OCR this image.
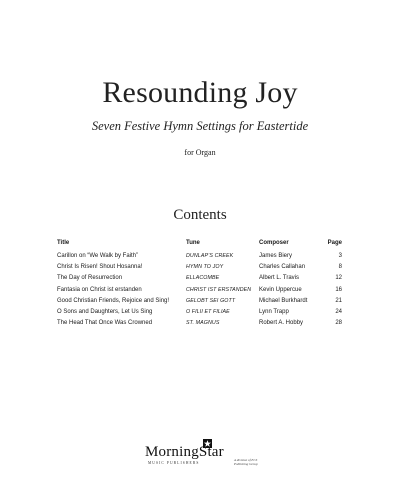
Resounding Joy
Seven Festive Hymn Settings for Eastertide
for Organ
Contents
Title	Tune	Composer	Page
Carillon on “We Walk by Faith”	DUNLAP’S CREEK	James Biery	3
Christ Is Risen! Shout Hosanna!	HYMN TO JOY	Charles Callahan	8
The Day of Resurrection	ELLACOMBE	Albert L. Travis	12
Fantasia on Christ ist erstanden	CHRIST IST ERSTANDEN	Kevin Uppercue	16
Good Christian Friends, Rejoice and Sing!	GELOBT SEI GOTT	Michael Burkhardt	21
O Sons and Daughters, Let Us Sing	O FILII ET FILIAE	Lynn Trapp	24
The Head That Once Was Crowned	ST. MAGNUS	Robert A. Hobby	28
MorningStar
MUSIC PUBLISHERS
A division of ECS Publishing Group
